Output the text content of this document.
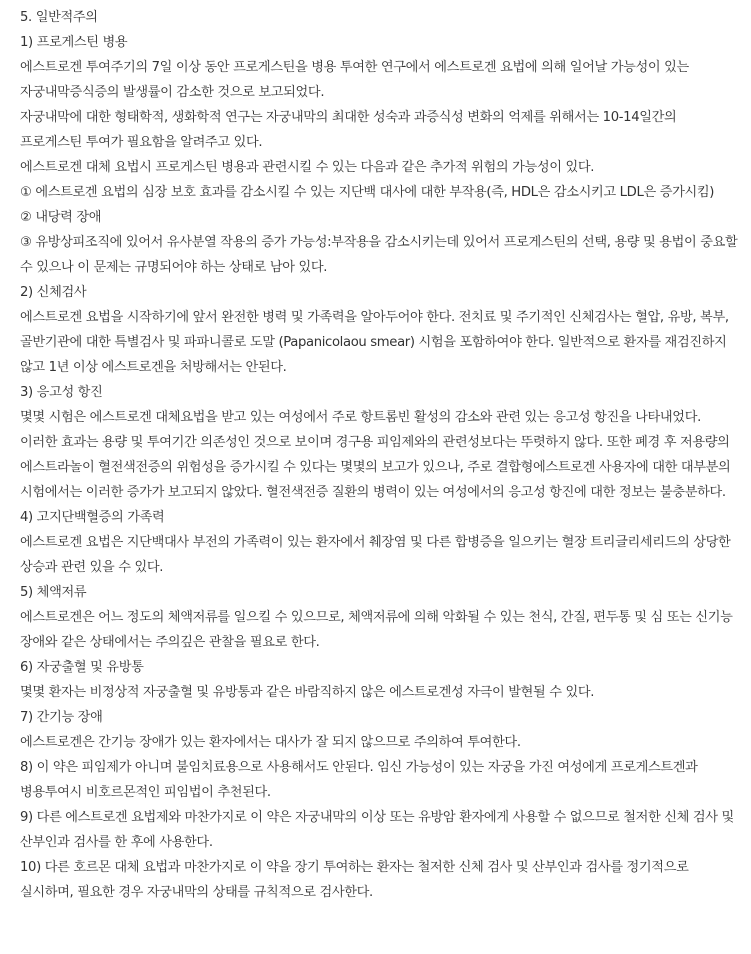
5. 일반적주의

1) 프로게스틴 병용

에스트로겐 투여주기의 7일 이상 동안 프로게스틴을 병용 투여한 연구에서 에스트로겐 요법에 의해 일어날 가능성이 있는 자궁내막증식증의 발생률이 감소한 것으로 보고되었다.

자궁내막에 대한 형태학적, 생화학적 연구는 자궁내막의 최대한 성숙과 과증식성 변화의 억제를 위해서는 10-14일간의 프로게스틴 투여가 필요함을 알려주고 있다.

에스트로겐 대체 요법시 프로게스틴 병용과 관련시킬 수 있는 다음과 같은 추가적 위험의 가능성이 있다.

① 에스트로겐 요법의 심장 보호 효과를 감소시킬 수 있는 지단백 대사에 대한 부작용(즉, HDL은 감소시키고 LDL은 증가시킴)

② 내당력 장애

③ 유방상피조직에 있어서 유사분열 작용의 증가 가능성:부작용을 감소시키는데 있어서 프로게스틴의 선택, 용량 및 용법이 중요할 수 있으나 이 문제는 규명되어야 하는 상태로 남아 있다.

2) 신체검사

에스트로겐 요법을 시작하기에 앞서 완전한 병력 및 가족력을 알아두어야 한다. 전치료 및 주기적인 신체검사는 혈압, 유방, 복부, 골반기관에 대한 특별검사 및 파파니콜로 도말 (Papanicolaou smear) 시험을 포함하여야 한다. 일반적으로 환자를 재검진하지 않고 1년 이상 에스트로겐을 처방해서는 안된다.

3) 응고성 항진

몇몇 시험은 에스트로겐 대체요법을 받고 있는 여성에서 주로 항트롬빈 활성의 감소와 관련 있는 응고성 항진을 나타내었다. 이러한 효과는 용량 및 투여기간 의존성인 것으로 보이며 경구용 피임제와의 관련성보다는 뚜렷하지 않다. 또한 폐경 후 저용량의 에스트라놀이 혈전색전증의 위험성을 증가시킬 수 있다는 몇몇의 보고가 있으나, 주로 결합형에스트로겐 사용자에 대한 대부분의 시험에서는 이러한 증가가 보고되지 않았다. 혈전색전증 질환의 병력이 있는 여성에서의 응고성 항진에 대한 정보는 불충분하다.

4) 고지단백혈증의 가족력

에스트로겐 요법은 지단백대사 부전의 가족력이 있는 환자에서 췌장염 및 다른 합병증을 일으키는 혈장 트리글리세리드의 상당한 상승과 관련 있을 수 있다.

5) 체액저류

에스트로겐은 어느 정도의 체액저류를 일으킬 수 있으므로, 체액저류에 의해 악화될 수 있는 천식, 간질, 편두통 및 심 또는 신기능 장애와 같은 상태에서는 주의깊은 관찰을 필요로 한다.

6) 자궁출혈 및 유방통

몇몇 환자는 비정상적 자궁출혈 및 유방통과 같은 바람직하지 않은 에스트로겐성 자극이 발현될 수 있다.

7) 간기능 장애

에스트로겐은 간기능 장애가 있는 환자에서는 대사가 잘 되지 않으므로 주의하여 투여한다.

8) 이 약은 피임제가 아니며 불임치료용으로 사용해서도 안된다. 임신 가능성이 있는 자궁을 가진 여성에게 프로게스트겐과 병용투여시 비호르몬적인 피임법이 추천된다.

9) 다른 에스트로겐 요법제와 마찬가지로 이 약은 자궁내막의 이상 또는 유방암 환자에게 사용할 수 없으므로 철저한 신체 검사 및 산부인과 검사를 한 후에 사용한다.

10) 다른 호르몬 대체 요법과 마찬가지로 이 약을 장기 투여하는 환자는 철저한 신체 검사 및 산부인과 검사를 정기적으로 실시하며, 필요한 경우 자궁내막의 상태를 규칙적으로 검사한다.
